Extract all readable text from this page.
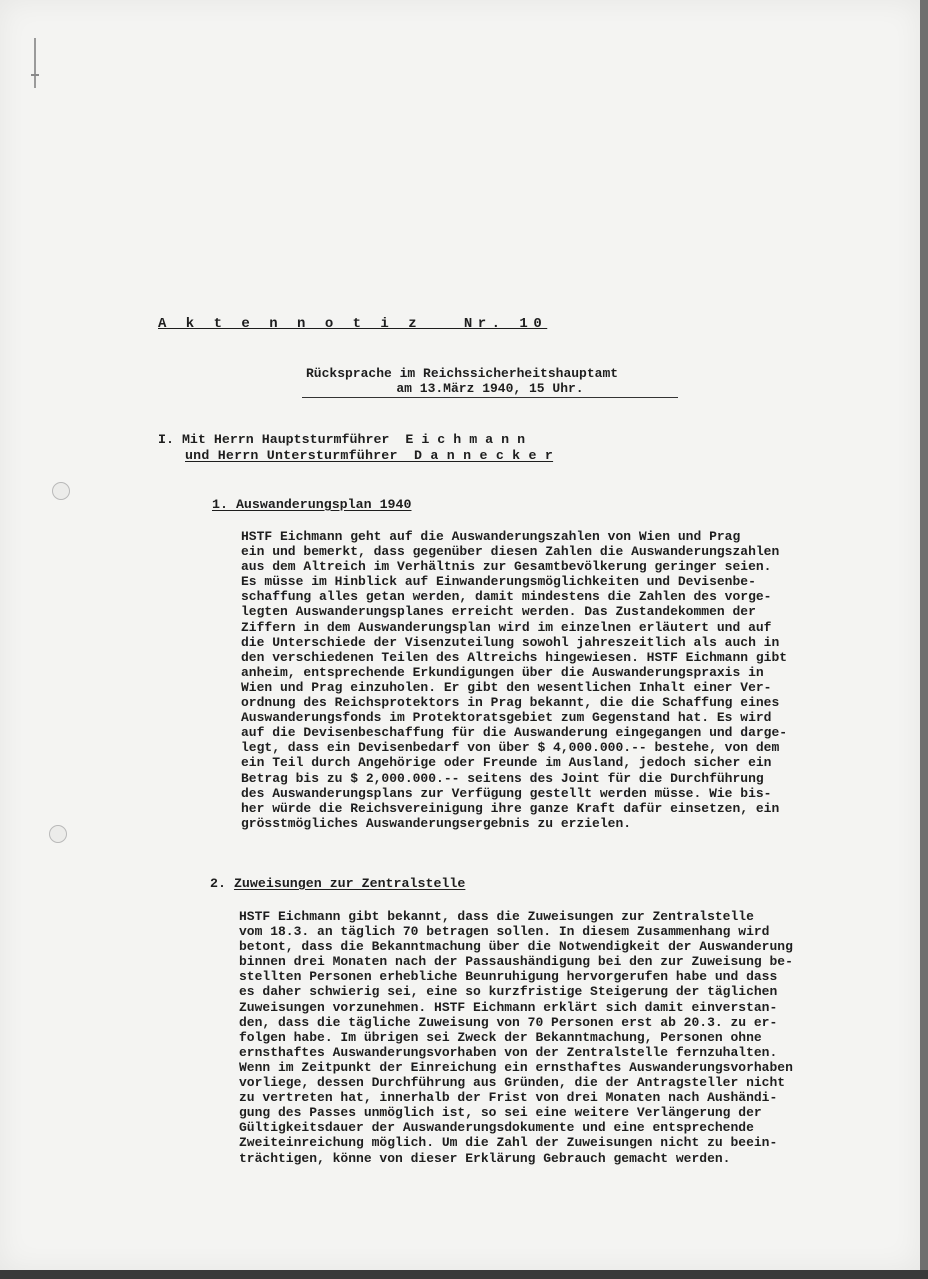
A k t e n n o t i z   Nr. 10
Rücksprache im Reichssicherheitshauptamt
am 13.März 1940, 15 Uhr.
I. Mit Herrn Hauptsturmführer  E i c h m a n n
und Herrn Untersturmführer  D a n n e c k e r
1. Auswanderungsplan 1940
HSTF Eichmann geht auf die Auswanderungszahlen von Wien und Prag
ein und bemerkt, dass gegenüber diesen Zahlen die Auswanderungszahlen
aus dem Altreich im Verhältnis zur Gesamtbevölkerung geringer seien.
Es müsse im Hinblick auf Einwanderungsmöglichkeiten und Devisenbe-
schaffung alles getan werden, damit mindestens die Zahlen des vorge-
legten Auswanderungsplanes erreicht werden. Das Zustandekommen der
Ziffern in dem Auswanderungsplan wird im einzelnen erläutert und auf
die Unterschiede der Visenzuteilung sowohl jahreszeitlich als auch in
den verschiedenen Teilen des Altreichs hingewiesen. HSTF Eichmann gibt
anheim, entsprechende Erkundigungen über die Auswanderungspraxis in
Wien und Prag einzuholen. Er gibt den wesentlichen Inhalt einer Ver-
ordnung des Reichsprotektors in Prag bekannt, die die Schaffung eines
Auswanderungsfonds im Protektoratsgebiet zum Gegenstand hat. Es wird
auf die Devisenbeschaffung für die Auswanderung eingegangen und darge-
legt, dass ein Devisenbedarf von über $ 4,000.000.-- bestehe, von dem
ein Teil durch Angehörige oder Freunde im Ausland, jedoch sicher ein
Betrag bis zu $ 2,000.000.-- seitens des Joint für die Durchführung
des Auswanderungsplans zur Verfügung gestellt werden müsse. Wie bis-
her würde die Reichsvereinigung ihre ganze Kraft dafür einsetzen, ein
grösstmögliches Auswanderungsergebnis zu erzielen.
2. Zuweisungen zur Zentralstelle
HSTF Eichmann gibt bekannt, dass die Zuweisungen zur Zentralstelle
vom 18.3. an täglich 70 betragen sollen. In diesem Zusammenhang wird
betont, dass die Bekanntmachung über die Notwendigkeit der Auswanderung
binnen drei Monaten nach der Passaushändigung bei den zur Zuweisung be-
stellten Personen erhebliche Beunruhigung hervorgerufen habe und dass
es daher schwierig sei, eine so kurzfristige Steigerung der täglichen
Zuweisungen vorzunehmen. HSTF Eichmann erklärt sich damit einverstan-
den, dass die tägliche Zuweisung von 70 Personen erst ab 20.3. zu er-
folgen habe. Im übrigen sei Zweck der Bekanntmachung, Personen ohne
ernsthaftes Auswanderungsvorhaben von der Zentralstelle fernzuhalten.
Wenn im Zeitpunkt der Einreichung ein ernsthaftes Auswanderungsvorhaben
vorliege, dessen Durchführung aus Gründen, die der Antragsteller nicht
zu vertreten hat, innerhalb der Frist von drei Monaten nach Aushändi-
gung des Passes unmöglich ist, so sei eine weitere Verlängerung der
Gültigkeitsdauer der Auswanderungsdokumente und eine entsprechende
Zweiteinreichung möglich. Um die Zahl der Zuweisungen nicht zu beein-
trächtigen, könne von dieser Erklärung Gebrauch gemacht werden.
